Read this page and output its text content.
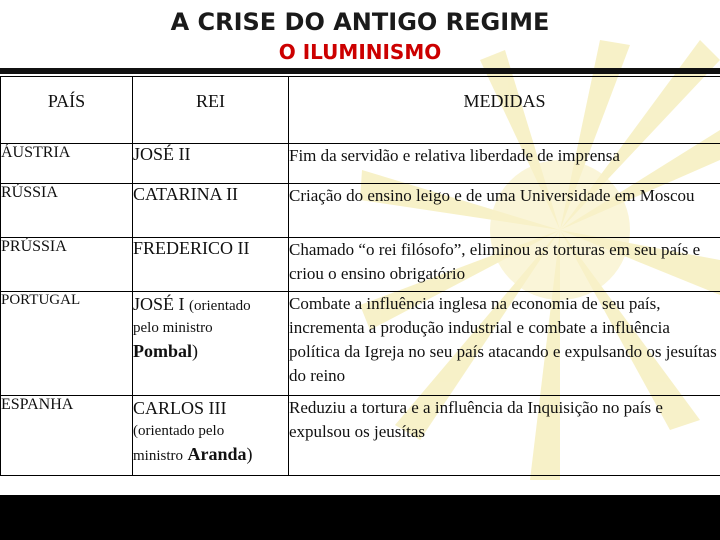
A CRISE DO ANTIGO REGIME
O ILUMINISMO
PAÍS	REI	MEDIDAS
ÁUSTRIA	JOSÉ II	Fim da servidão e relativa liberdade de imprensa
RÚSSIA	CATARINA II	Criação do ensino leigo e de uma Universidade em Moscou
PRÚSSIA	FREDERICO II	Chamado “o rei filósofo”, eliminou as torturas em seu país e criou o ensino obrigatório
PORTUGAL	JOSÉ I (orientado
pelo ministro
Pombal)	Combate a influência inglesa na economia de seu país, incrementa a produção industrial e combate a influência política da Igreja no seu país atacando e expulsando os jesuítas do reino
ESPANHA	CARLOS III
(orientado pelo
ministro Aranda)	Reduziu a tortura e a influência da Inquisição no país e expulsou os jeusítas
